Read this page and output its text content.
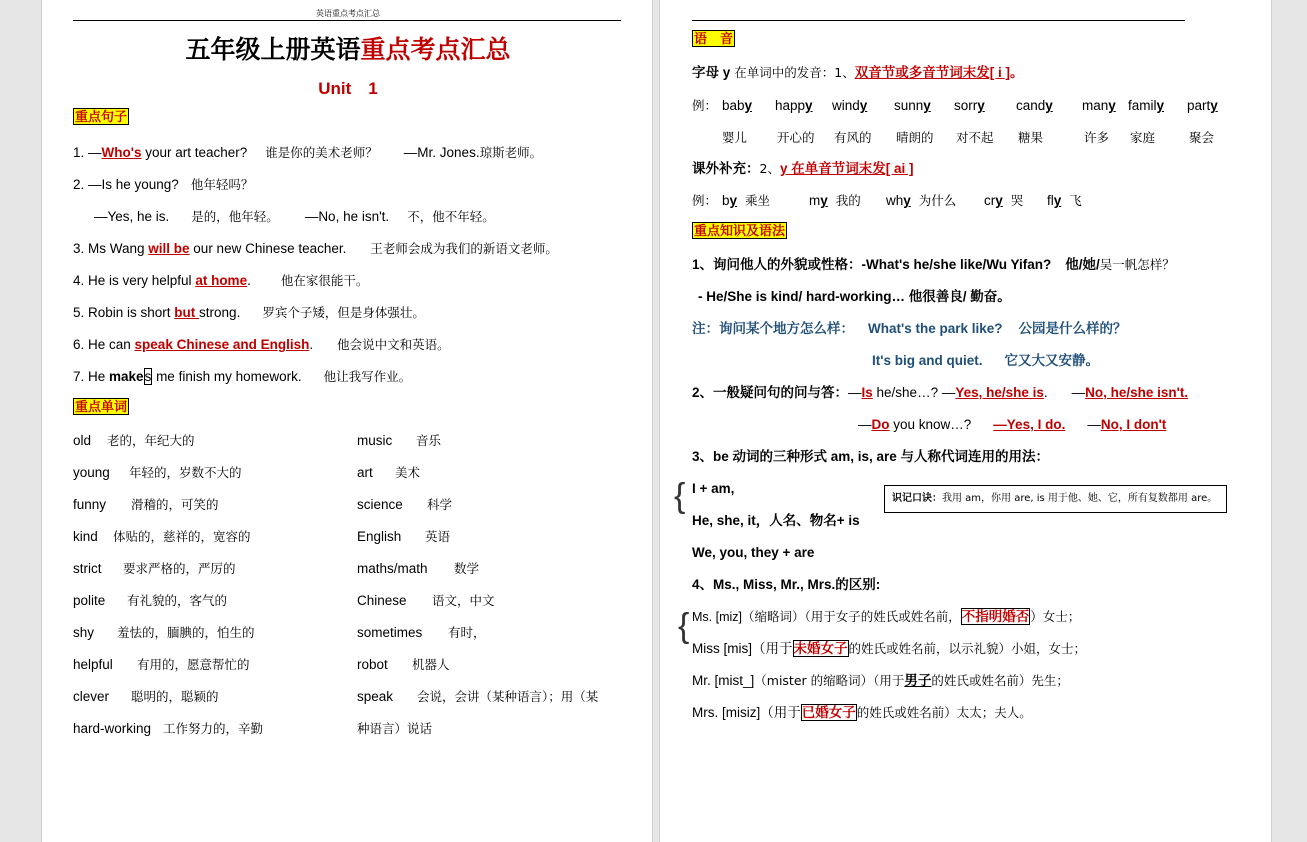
英语重点考点汇总
五年级上册英语重点考点汇总
Unit　1
重点句子
1. —Who's your art teacher? 谁是你的美术老师？ —Mr. Jones.琼斯老师。
2. —Is he young? 他年轻吗？
—Yes, he is. 是的，他年轻。 —No, he isn't. 不，他不年轻。
3. Ms Wang will be our new Chinese teacher. 王老师会成为我们的新语文老师。
4. He is very helpful at home. 他在家很能干。
5. Robin is short but strong. 罗宾个子矮，但是身体强壮。
6. He can speak Chinese and English. 他会说中文和英语。
7. He makes me finish my homework. 他让我写作业。
重点单词
old 老的，年纪大的
young 年轻的，岁数不大的
funny 滑稽的，可笑的
kind 体贴的，慈祥的，宽容的
strict 要求严格的，严厉的
polite 有礼貌的，客气的
shy 羞怯的，腼腆的，怕生的
helpful 有用的，愿意帮忙的
clever 聪明的，聪颖的
hard-working 工作努力的，辛勤
music 音乐
art 美术
science 科学
English 英语
maths/math 数学
Chinese 语文，中文
sometimes 有时，
robot 机器人
speak 会说，会讲（某种语言）；用（某
种语言）说话
语　音
字母 y 在单词中的发音：1、双音节或多音节词末发[ i ]。
例： baby
婴儿
happy
开心的
windy
有风的
sunny
晴朗的
sorry
对不起
candy
糖果
many
许多
family
家庭
party
聚会
课外补充：2、y 在单音节词末发[ ai ]
例： by 乘坐	my 我的 why 为什么 cry 哭 fly 飞
重点知识及语法
1、询问他人的外貌或性格：-What's he/she like/Wu Yifan? 他/她/吴一帆怎样？
- He/She is kind/ hard-working… 他很善良/ 勤奋。
注：询问某个地方怎么样： What's the park like? 公园是什么样的？
It's big and quiet. 它又大又安静。
2、一般疑问句的问与答：—Is he/she…? —Yes, he/she is. —No, he/she isn't.
—Do you know…? —Yes, I do. —No, I don't
3、be 动词的三种形式 am, is, are 与人称代词连用的用法：
{ I + am,
He, she, it，人名、物名+ is
识记口诀：我用 am，你用 are, is 用于他、她、它，所有复数都用 are。
We, you, they + are
4、Ms., Miss, Mr., Mrs.的区别:
{ Ms. [miz]（缩略词）（用于女子的姓氏或姓名前，不指明婚否）女士；
Miss [mis]（用于未婚女子的姓氏或姓名前，以示礼貌）小姐，女士；
Mr. [mist_]（mister 的缩略词）（用于男子的姓氏或姓名前）先生；
Mrs. [misiz]（用于已婚女子的姓氏或姓名前）太太；夫人。
